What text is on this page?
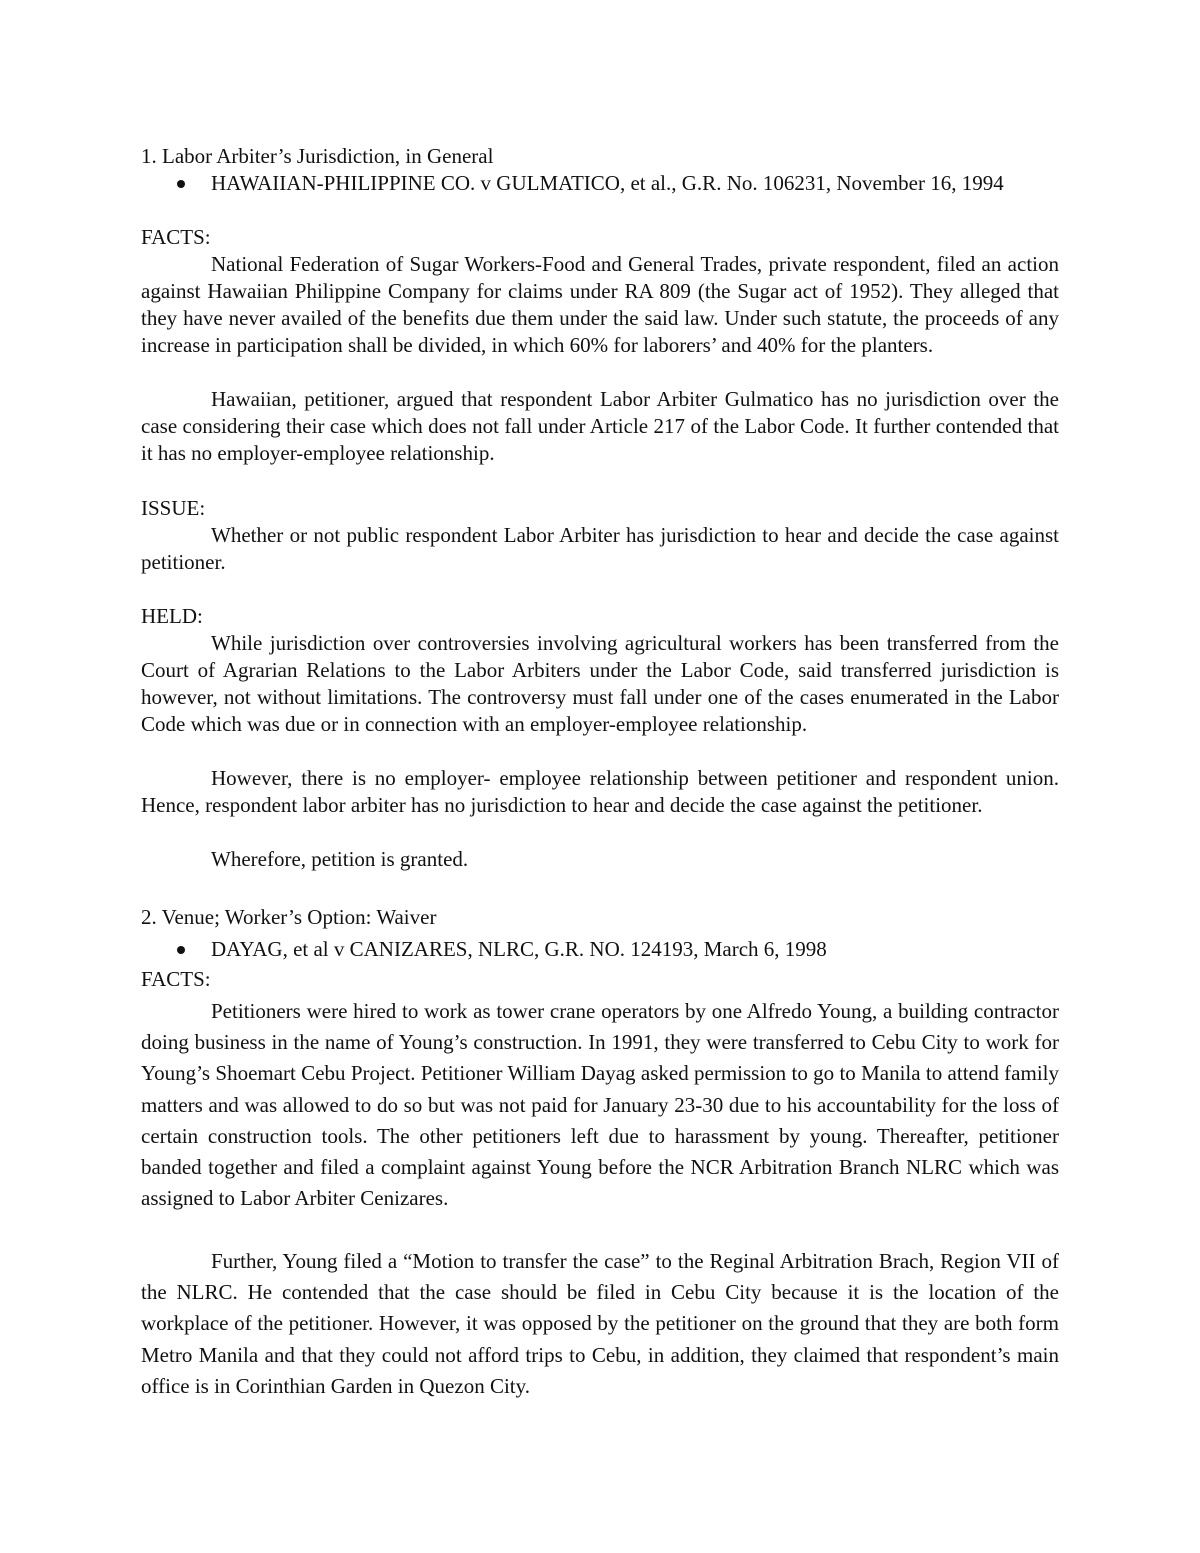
1. Labor Arbiter’s Jurisdiction, in General
HAWAIIAN-PHILIPPINE CO. v GULMATICO, et al., G.R. No. 106231, November 16, 1994
FACTS:

National Federation of Sugar Workers-Food and General Trades, private respondent, filed an action against Hawaiian Philippine Company for claims under RA 809 (the Sugar act of 1952). They alleged that they have never availed of the benefits due them under the said law. Under such statute, the proceeds of any increase in participation shall be divided, in which 60% for laborers’ and 40% for the planters.

Hawaiian, petitioner, argued that respondent Labor Arbiter Gulmatico has no jurisdiction over the case considering their case which does not fall under Article 217 of the Labor Code. It further contended that it has no employer-employee relationship.

ISSUE:

Whether or not public respondent Labor Arbiter has jurisdiction to hear and decide the case against petitioner.

HELD:

While jurisdiction over controversies involving agricultural workers has been transferred from the Court of Agrarian Relations to the Labor Arbiters under the Labor Code, said transferred jurisdiction is however, not without limitations. The controversy must fall under one of the cases enumerated in the Labor Code which was due or in connection with an employer-employee relationship.

However, there is no employer- employee relationship between petitioner and respondent union. Hence, respondent labor arbiter has no jurisdiction to hear and decide the case against the petitioner.

Wherefore, petition is granted.

2. Venue; Worker’s Option: Waiver
DAYAG, et al v CANIZARES, NLRC, G.R. NO. 124193, March 6, 1998
FACTS:

Petitioners were hired to work as tower crane operators by one Alfredo Young, a building contractor doing business in the name of Young’s construction. In 1991, they were transferred to Cebu City to work for Young’s Shoemart Cebu Project. Petitioner William Dayag asked permission to go to Manila to attend family matters and was allowed to do so but was not paid for January 23-30 due to his accountability for the loss of certain construction tools. The other petitioners left due to harassment by young. Thereafter, petitioner banded together and filed a complaint against Young before the NCR Arbitration Branch NLRC which was assigned to Labor Arbiter Cenizares.

Further, Young filed a “Motion to transfer the case” to the Reginal Arbitration Brach, Region VII of the NLRC. He contended that the case should be filed in Cebu City because it is the location of the workplace of the petitioner. However, it was opposed by the petitioner on the ground that they are both form Metro Manila and that they could not afford trips to Cebu, in addition, they claimed that respondent’s main office is in Corinthian Garden in Quezon City.
